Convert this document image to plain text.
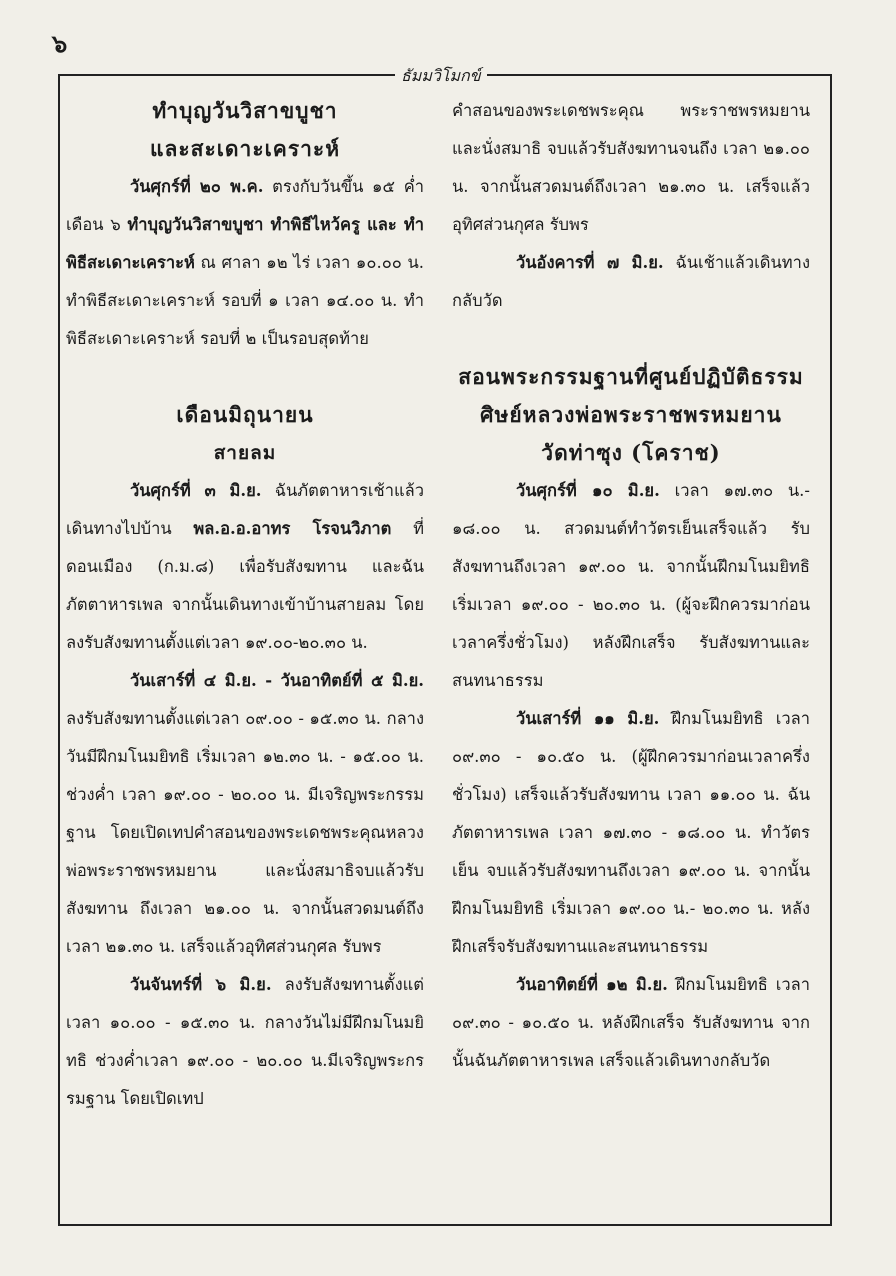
๖
ธัมมวิโมกข์
ทำบุญวันวิสาขบูชา
และสะเดาะเคราะห์

วันศุกร์ที่ ๒๐ พ.ค. ตรงกับวันขึ้น ๑๕ ค่ำ เดือน ๖ ทำบุญวันวิสาขบูชา ทำพิธีไหว้ครู และ ทำพิธีสะเดาะเคราะห์ ณ ศาลา ๑๒ ไร่ เวลา ๑๐.๐๐ น. ทำพิธีสะเดาะเคราะห์ รอบที่ ๑ เวลา ๑๔.๐๐ น. ทำพิธีสะเดาะเคราะห์ รอบที่ ๒ เป็นรอบสุดท้าย

เดือนมิถุนายน
สายลม

วันศุกร์ที่ ๓ มิ.ย. ฉันภัตตาหารเช้าแล้วเดินทางไปบ้าน พล.อ.อ.อาทร โรจนวิภาต ที่ดอนเมือง (ก.ม.๘) เพื่อรับสังฆทาน และฉันภัตตาหารเพล จากนั้นเดินทางเข้าบ้านสายลม โดยลงรับสังฆทานตั้งแต่เวลา ๑๙.๐๐-๒๐.๓๐ น.

วันเสาร์ที่ ๔ มิ.ย. - วันอาทิตย์ที่ ๕ มิ.ย. ลงรับสังฆทานตั้งแต่เวลา ๐๙.๐๐ - ๑๕.๓๐ น. กลางวันมีฝึกมโนมยิทธิ เริ่มเวลา ๑๒.๓๐ น. - ๑๕.๐๐ น. ช่วงค่ำ เวลา ๑๙.๐๐ - ๒๐.๐๐ น. มีเจริญพระกรรมฐาน โดยเปิดเทปคำสอนของพระเดชพระคุณหลวงพ่อพระราชพรหมยาน และนั่งสมาธิจบแล้วรับสังฆทาน ถึงเวลา ๒๑.๐๐ น. จากนั้นสวดมนต์ถึงเวลา ๒๑.๓๐ น. เสร็จแล้วอุทิศส่วนกุศล รับพร

วันจันทร์ที่ ๖ มิ.ย. ลงรับสังฆทานตั้งแต่เวลา ๑๐.๐๐ - ๑๕.๓๐ น. กลางวันไม่มีฝึกมโนมยิทธิ ช่วงค่ำเวลา ๑๙.๐๐ - ๒๐.๐๐ น.มีเจริญพระกรรมฐาน โดยเปิดเทป

คำสอนของพระเดชพระคุณ พระราชพรหมยาน และนั่งสมาธิ จบแล้วรับสังฆทานจนถึง เวลา ๒๑.๐๐ น. จากนั้นสวดมนต์ถึงเวลา ๒๑.๓๐ น. เสร็จแล้ว อุทิศส่วนกุศล รับพร

วันอังคารที่ ๗ มิ.ย. ฉันเช้าแล้วเดินทางกลับวัด

สอนพระกรรมฐานที่ศูนย์ปฏิบัติธรรม
ศิษย์หลวงพ่อพระราชพรหมยาน
วัดท่าซุง (โคราช)

วันศุกร์ที่ ๑๐ มิ.ย. เวลา ๑๗.๓๐ น.- ๑๘.๐๐ น. สวดมนต์ทำวัตรเย็นเสร็จแล้ว รับสังฆทานถึงเวลา ๑๙.๐๐ น. จากนั้นฝึกมโนมยิทธิ เริ่มเวลา ๑๙.๐๐ - ๒๐.๓๐ น. (ผู้จะฝึกควรมาก่อนเวลาครึ่งชั่วโมง) หลังฝึกเสร็จ รับสังฆทานและสนทนาธรรม

วันเสาร์ที่ ๑๑ มิ.ย. ฝึกมโนมยิทธิ เวลา ๐๙.๓๐ - ๑๐.๕๐ น. (ผู้ฝึกควรมาก่อนเวลาครึ่งชั่วโมง) เสร็จแล้วรับสังฆทาน เวลา ๑๑.๐๐ น. ฉันภัตตาหารเพล เวลา ๑๗.๓๐ - ๑๘.๐๐ น. ทำวัตรเย็น จบแล้วรับสังฆทานถึงเวลา ๑๙.๐๐ น. จากนั้น ฝึกมโนมยิทธิ เริ่มเวลา ๑๙.๐๐ น.- ๒๐.๓๐ น. หลังฝึกเสร็จรับสังฆทานและสนทนาธรรม

วันอาทิตย์ที่ ๑๒ มิ.ย. ฝึกมโนมยิทธิ เวลา ๐๙.๓๐ - ๑๐.๕๐ น. หลังฝึกเสร็จ รับสังฆทาน จากนั้นฉันภัตตาหารเพล เสร็จแล้วเดินทางกลับวัด
